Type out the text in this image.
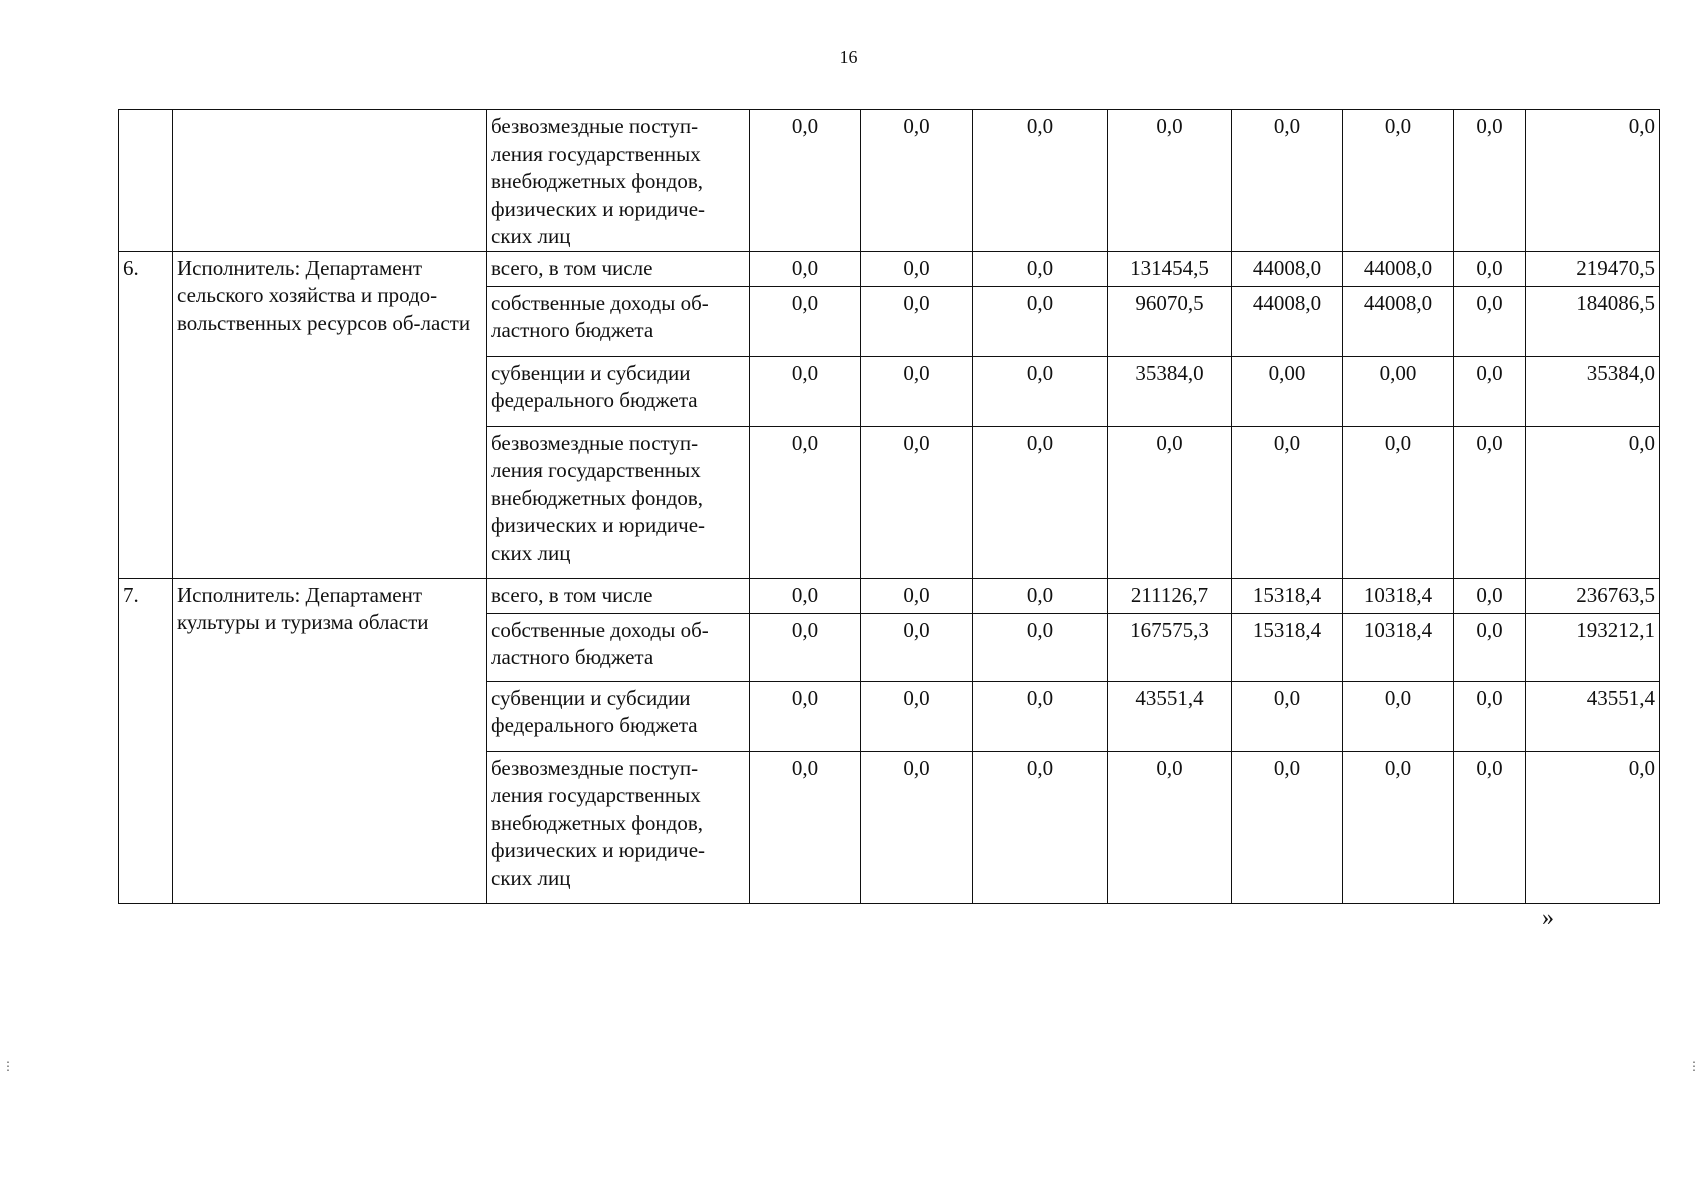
16
		безвозмездные поступ-ления государственных внебюджетных фондов, физических и юридиче-ских лиц	0,0	0,0	0,0	0,0	0,0	0,0	0,0	0,0
6.	Исполнитель: Департамент сельского хозяйства и продо-вольственных ресурсов об-ласти	всего, в том числе	0,0	0,0	0,0	131454,5	44008,0	44008,0	0,0	219470,5
		собственные доходы об-ластного бюджета	0,0	0,0	0,0	96070,5	44008,0	44008,0	0,0	184086,5
		субвенции и субсидии федерального бюджета	0,0	0,0	0,0	35384,0	0,00	0,00	0,0	35384,0
		безвозмездные поступ-ления государственных внебюджетных фондов, физических и юридиче-ских лиц	0,0	0,0	0,0	0,0	0,0	0,0	0,0	0,0
7.	Исполнитель: Департамент культуры и туризма области	всего, в том числе	0,0	0,0	0,0	211126,7	15318,4	10318,4	0,0	236763,5
		собственные доходы об-ластного бюджета	0,0	0,0	0,0	167575,3	15318,4	10318,4	0,0	193212,1
		субвенции и субсидии федерального бюджета	0,0	0,0	0,0	43551,4	0,0	0,0	0,0	43551,4
		безвозмездные поступ-ления государственных внебюджетных фондов, физических и юридиче-ских лиц	0,0	0,0	0,0	0,0	0,0	0,0	0,0	0,0
»
⋮	⋮
